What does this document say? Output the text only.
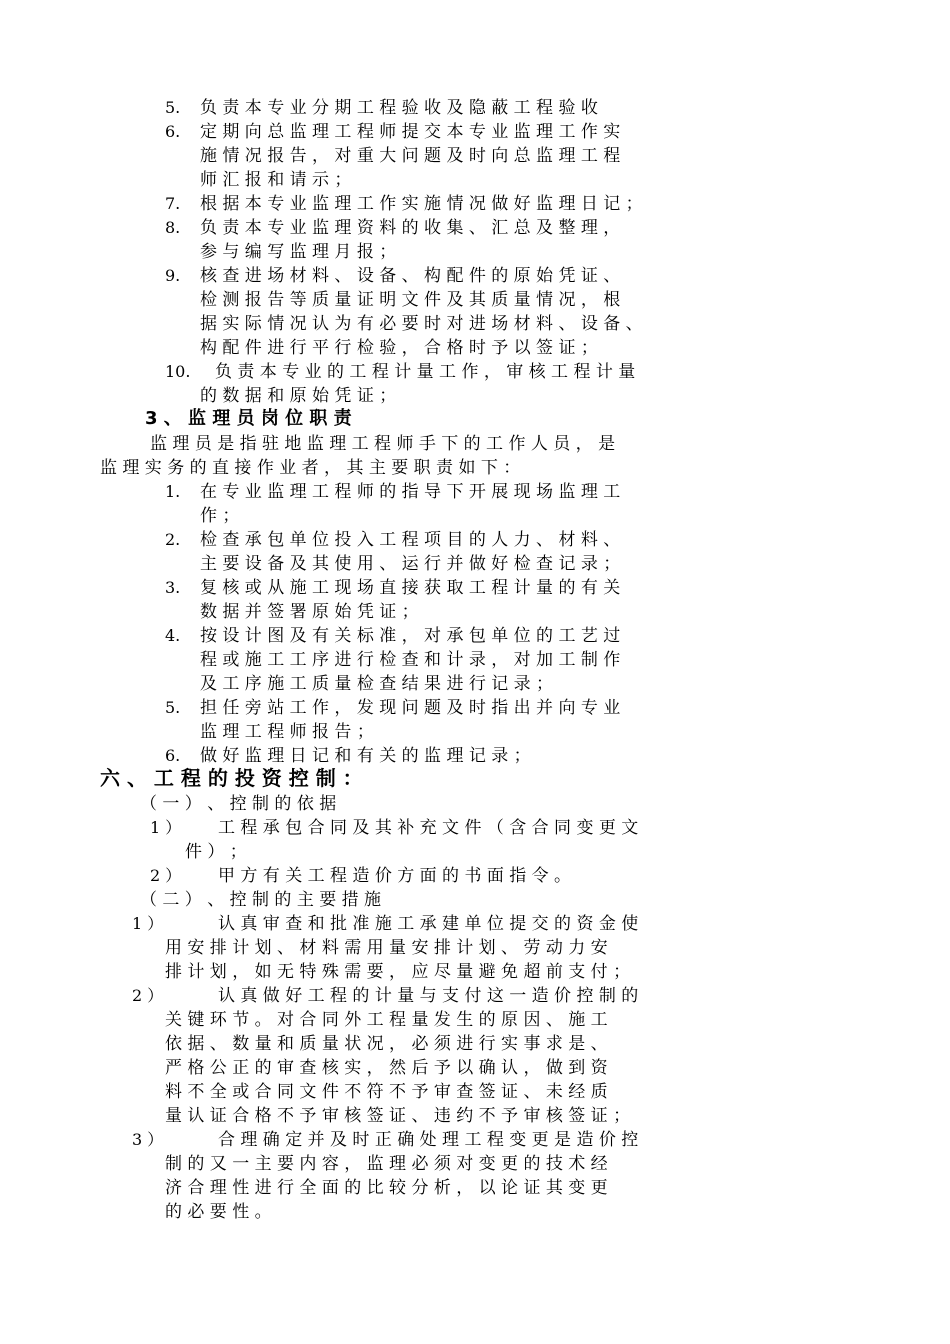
5. 负 责 本 专 业 分 期 工 程 验 收 及 隐 蔽 工 程 验 收
6. 定 期 向 总 监 理 工 程 师 提 交 本 专 业 监 理 工 作 实
施 情 况 报 告 ， 对 重 大 问 题 及 时 向 总 监 理 工 程
师 汇 报 和 请 示 ；
7. 根 据 本 专 业 监 理 工 作 实 施 情 况 做 好 监 理 日 记 ；
8. 负 责 本 专 业 监 理 资 料 的 收 集 、 汇 总 及 整 理 ，
参 与 编 写 监 理 月 报 ；
9. 核 查 进 场 材 料 、 设 备 、 构 配 件 的 原 始 凭 证 、
检 测 报 告 等 质 量 证 明 文 件 及 其 质 量 情 况 ， 根
据 实 际 情 况 认 为 有 必 要 时 对 进 场 材 料 、 设 备 、
构 配 件 进 行 平 行 检 验 ， 合 格 时 予 以 签 证 ；
10. 负 责 本 专 业 的 工 程 计 量 工 作 ， 审 核 工 程 计 量
的 数 据 和 原 始 凭 证 ；
3 、 监 理 员 岗 位 职 责
监 理 员 是 指 驻 地 监 理 工 程 师 手 下 的 工 作 人 员 ， 是
监 理 实 务 的 直 接 作 业 者 ， 其 主 要 职 责 如 下 ：
1. 在 专 业 监 理 工 程 师 的 指 导 下 开 展 现 场 监 理 工
作 ；
2. 检 查 承 包 单 位 投 入 工 程 项 目 的 人 力 、 材 料 、
主 要 设 备 及 其 使 用 、 运 行 并 做 好 检 查 记 录 ；
3. 复 核 或 从 施 工 现 场 直 接 获 取 工 程 计 量 的 有 关
数 据 并 签 署 原 始 凭 证 ；
4. 按 设 计 图 及 有 关 标 准 ， 对 承 包 单 位 的 工 艺 过
程 或 施 工 工 序 进 行 检 查 和 计 录 ， 对 加 工 制 作
及 工 序 施 工 质 量 检 查 结 果 进 行 记 录 ；
5. 担 任 旁 站 工 作 ， 发 现 问 题 及 时 指 出 并 向 专 业
监 理 工 程 师 报 告 ；
6. 做 好 监 理 日 记 和 有 关 的 监 理 记 录 ；
六 、 工 程 的 投 资 控 制 ：
（ 一 ） 、 控 制 的 依 据
1 ） 工 程 承 包 合 同 及 其 补 充 文 件 （ 含 合 同 变 更 文
件 ） ；
2 ） 甲 方 有 关 工 程 造 价 方 面 的 书 面 指 令 。
（ 二 ） 、 控 制 的 主 要 措 施
1 ）	认 真 审 查 和 批 准 施 工 承 建 单 位 提 交 的 资 金 使
用 安 排 计 划 、 材 料 需 用 量 安 排 计 划 、 劳 动 力 安
排 计 划 ， 如 无 特 殊 需 要 ， 应 尽 量 避 免 超 前 支 付 ；
2 ）	认 真 做 好 工 程 的 计 量 与 支 付 这 一 造 价 控 制 的
关 键 环 节 。 对 合 同 外 工 程 量 发 生 的 原 因 、 施 工
依 据 、 数 量 和 质 量 状 况 ， 必 须 进 行 实 事 求 是 、
严 格 公 正 的 审 查 核 实 ， 然 后 予 以 确 认 ， 做 到 资
料 不 全 或 合 同 文 件 不 符 不 予 审 查 签 证 、 未 经 质
量 认 证 合 格 不 予 审 核 签 证 、 违 约 不 予 审 核 签 证 ；
3 ）	合 理 确 定 并 及 时 正 确 处 理 工 程 变 更 是 造 价 控
制 的 又 一 主 要 内 容 ， 监 理 必 须 对 变 更 的 技 术 经
济 合 理 性 进 行 全 面 的 比 较 分 析 ， 以 论 证 其 变 更
的 必 要 性 。
